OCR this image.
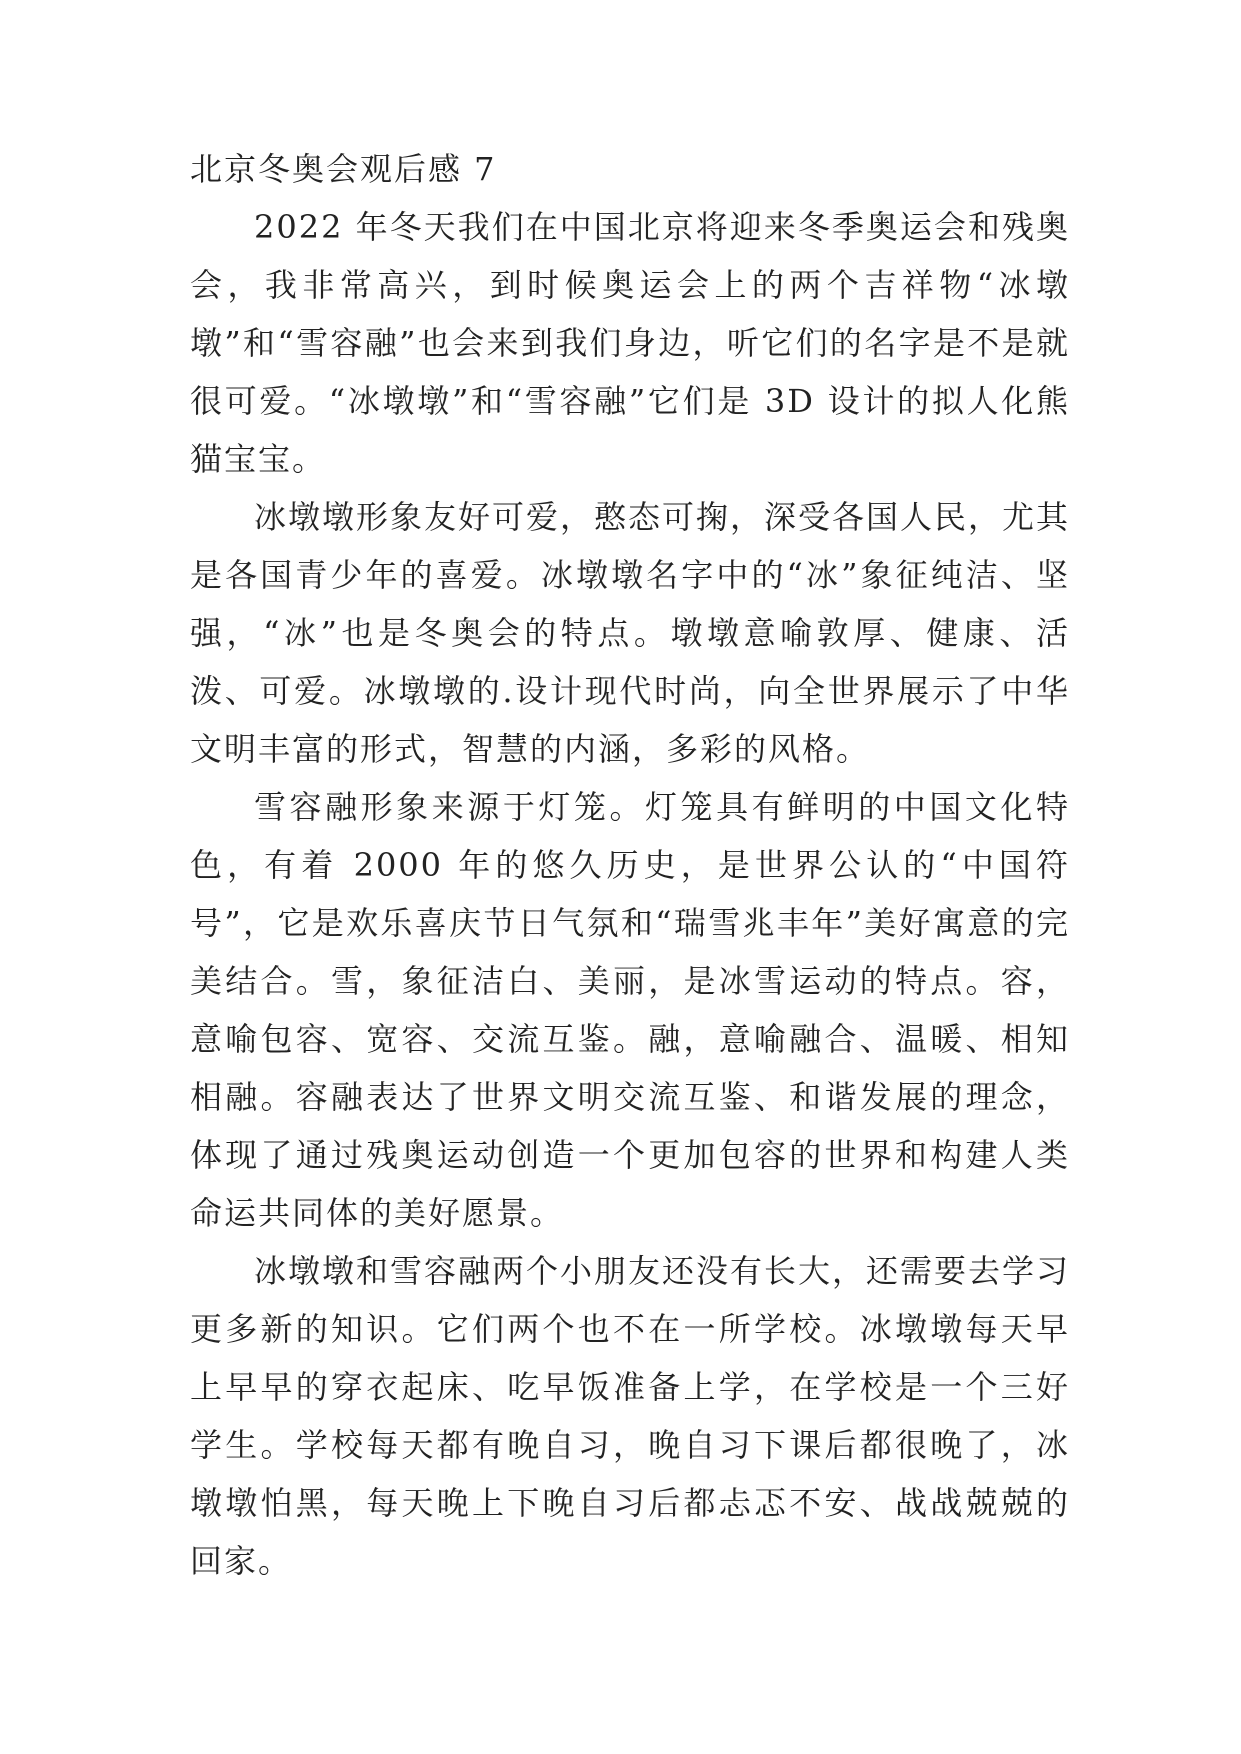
北京冬奥会观后感 7

2022 年冬天我们在中国北京将迎来冬季奥运会和残奥会，我非常高兴，到时候奥运会上的两个吉祥物“冰墩墩”和“雪容融”也会来到我们身边，听它们的名字是不是就很可爱。“冰墩墩”和“雪容融”它们是 3D 设计的拟人化熊猫宝宝。

冰墩墩形象友好可爱，憨态可掬，深受各国人民，尤其是各国青少年的喜爱。冰墩墩名字中的“冰”象征纯洁、坚强，“冰”也是冬奥会的特点。墩墩意喻敦厚、健康、活泼、可爱。冰墩墩的.设计现代时尚，向全世界展示了中华文明丰富的形式，智慧的内涵，多彩的风格。

雪容融形象来源于灯笼。灯笼具有鲜明的中国文化特色，有着 2000 年的悠久历史，是世界公认的“中国符号”，它是欢乐喜庆节日气氛和“瑞雪兆丰年”美好寓意的完美结合。雪，象征洁白、美丽，是冰雪运动的特点。容，意喻包容、宽容、交流互鉴。融，意喻融合、温暖、相知相融。容融表达了世界文明交流互鉴、和谐发展的理念，体现了通过残奥运动创造一个更加包容的世界和构建人类命运共同体的美好愿景。

冰墩墩和雪容融两个小朋友还没有长大，还需要去学习更多新的知识。它们两个也不在一所学校。冰墩墩每天早上早早的穿衣起床、吃早饭准备上学，在学校是一个三好学生。学校每天都有晚自习，晚自习下课后都很晚了，冰墩墩怕黑，每天晚上下晚自习后都忐忑不安、战战兢兢的回家。
